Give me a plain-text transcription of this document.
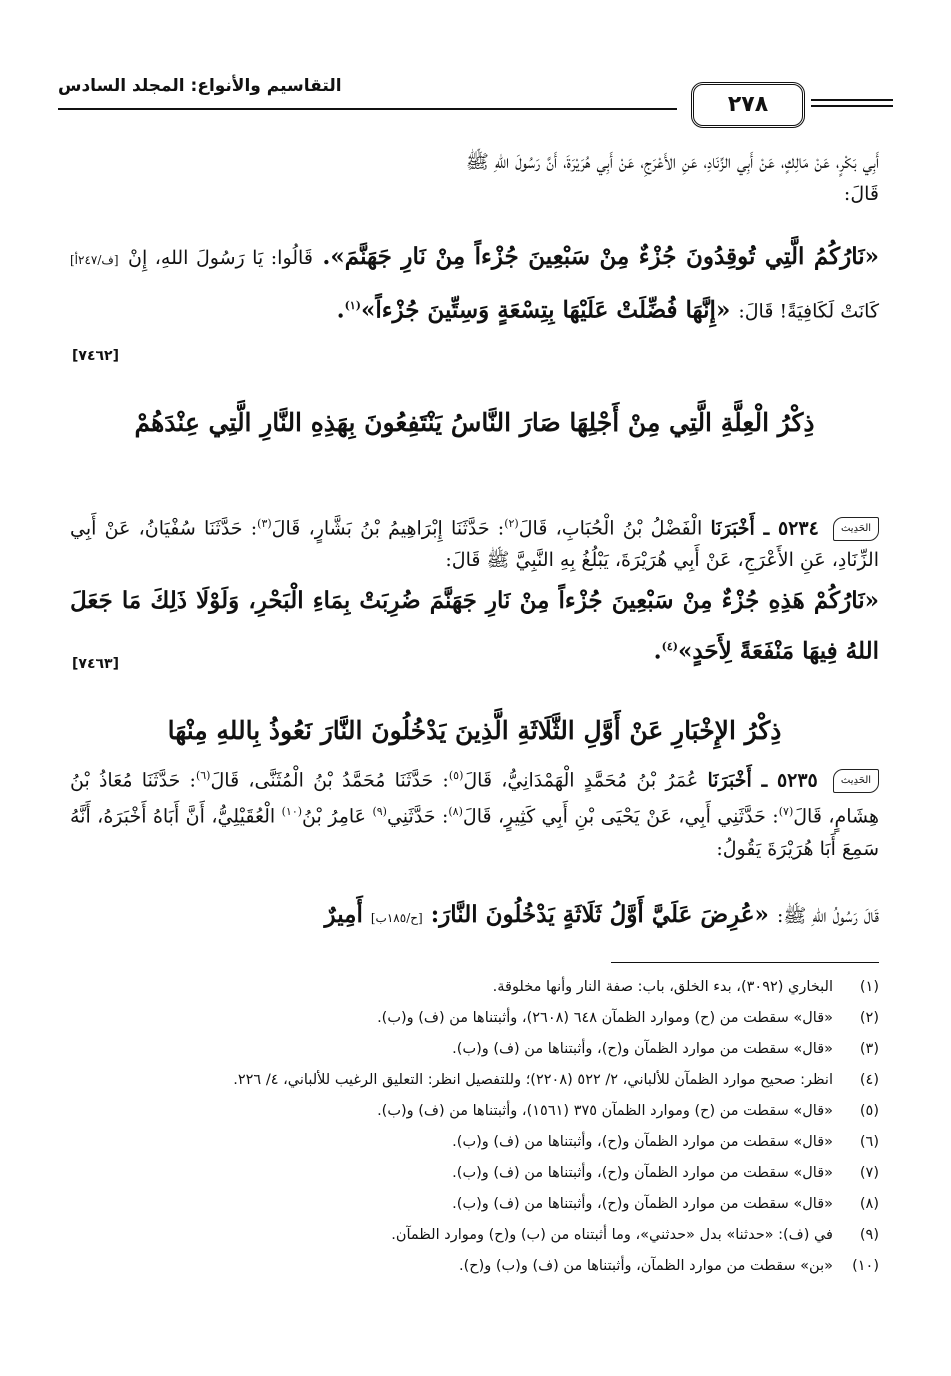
٢٧٨
التقاسيم والأنواع: المجلد السادس
أَبِي بَكْرٍ، عَنْ مَالِكٍ، عَنْ أَبِي الزِّنَادِ، عَنِ الأَعْرَجِ، عَنْ أَبِي هُرَيْرَةَ، أَنَّ رَسُولَ اللهِ ﷺ
قَالَ:
«نَارُكُمُ الَّتِي تُوقِدُونَ جُزْءٌ مِنْ سَبْعِينَ جُزْءاً مِنْ نَارِ جَهَنَّمَ». قَالُوا: يَا رَسُولَ اللهِ، إِنْ [ف/٢٤٧أ] كَانَتْ لَكَافِيَةً! قَالَ: «إِنَّهَا فُضِّلَتْ عَلَيْهَا بِتِسْعَةٍ وَسِتِّينَ جُزْءاً»$^{(١)}$.
[٧٤٦٢]
ذِكْرُ الْعِلَّةِ الَّتِي مِنْ أَجْلِهَا صَارَ النَّاسُ يَنْتَفِعُونَ بِهَذِهِ النَّارِ الَّتِي عِنْدَهُمْ
الحَدِيث ٥٢٣٤ ـ أَخْبَرَنَا الْفَضْلُ بْنُ الْحُبَابِ، قَالَ$^{(٢)}$: حَدَّثَنَا إِبْرَاهِيمُ بْنُ بَشَّارٍ، قَالَ$^{(٣)}$: حَدَّثَنَا سُفْيَانُ، عَنْ أَبِي الزِّنَادِ، عَنِ الأَعْرَجِ، عَنْ أَبِي هُرَيْرَةَ، يَبْلُغُ بِهِ النَّبِيَّ ﷺ قَالَ:
«نَارُكُمْ هَذِهِ جُزْءٌ مِنْ سَبْعِينَ جُزْءاً مِنْ نَارِ جَهَنَّمَ ضُرِبَتْ بِمَاءِ الْبَحْرِ، وَلَوْلَا ذَلِكَ مَا جَعَلَ اللهُ فِيهَا مَنْفَعَةً لِأَحَدٍ»$^{(٤)}$.
[٧٤٦٣]
ذِكْرُ الإِخْبَارِ عَنْ أَوَّلِ الثَّلَاثَةِ الَّذِينَ يَدْخُلُونَ النَّارَ نَعُوذُ بِاللهِ مِنْهَا
الحَدِيث ٥٢٣٥ ـ أَخْبَرَنَا عُمَرُ بْنُ مُحَمَّدٍ الْهَمْدَانِيُّ، قَالَ$^{(٥)}$: حَدَّثَنَا مُحَمَّدُ بْنُ الْمُثَنَّى، قَالَ$^{(٦)}$: حَدَّثَنَا مُعَاذُ بْنُ هِشَامٍ، قَالَ$^{(٧)}$: حَدَّثَنِي أَبِي، عَنْ يَحْيَى بْنِ أَبِي كَثِيرٍ، قَالَ$^{(٨)}$: حَدَّثَنِي$^{(٩)}$ عَامِرُ بْنُ$^{(١٠)}$ الْعُقَيْلِيُّ، أَنَّ أَبَاهُ أَخْبَرَهُ، أَنَّهُ سَمِعَ أَبَا هُرَيْرَةَ يَقُولُ:
قَالَ رَسُولُ اللهِ ﷺ: «عُرِضَ عَلَيَّ أَوَّلُ ثَلَاثَةٍ يَدْخُلُونَ النَّارَ: [ح/١٨٥ب] أَمِيرٌ
(١)
البخاري (٣٠٩٢)، بدء الخلق، باب: صفة النار وأنها مخلوقة.
(٢)
«قال» سقطت من (ح) وموارد الظمآن ٦٤٨ (٢٦٠٨)، وأثبتناها من (ف) و(ب).
(٣)
«قال» سقطت من موارد الظمآن و(ح)، وأثبتناها من (ف) و(ب).
(٤)
انظر: صحيح موارد الظمآن للألباني، ٢/ ٥٢٢ (٢٢٠٨)؛ وللتفصيل انظر: التعليق الرغيب للألباني، ٤/ ٢٢٦.
(٥)
«قال» سقطت من (ح) وموارد الظمآن ٣٧٥ (١٥٦١)، وأثبتناها من (ف) و(ب).
(٦)
«قال» سقطت من موارد الظمآن و(ح)، وأثبتناها من (ف) و(ب).
(٧)
«قال» سقطت من موارد الظمآن و(ح)، وأثبتناها من (ف) و(ب).
(٨)
«قال» سقطت من موارد الظمآن و(ح)، وأثبتناها من (ف) و(ب).
(٩)
في (ف): «حدثنا» بدل «حدثني»، وما أثبتناه من (ب) و(ح) وموارد الظمآن.
(١٠)
«بن» سقطت من موارد الظمآن، وأثبتناها من (ف) و(ب) و(ح).
